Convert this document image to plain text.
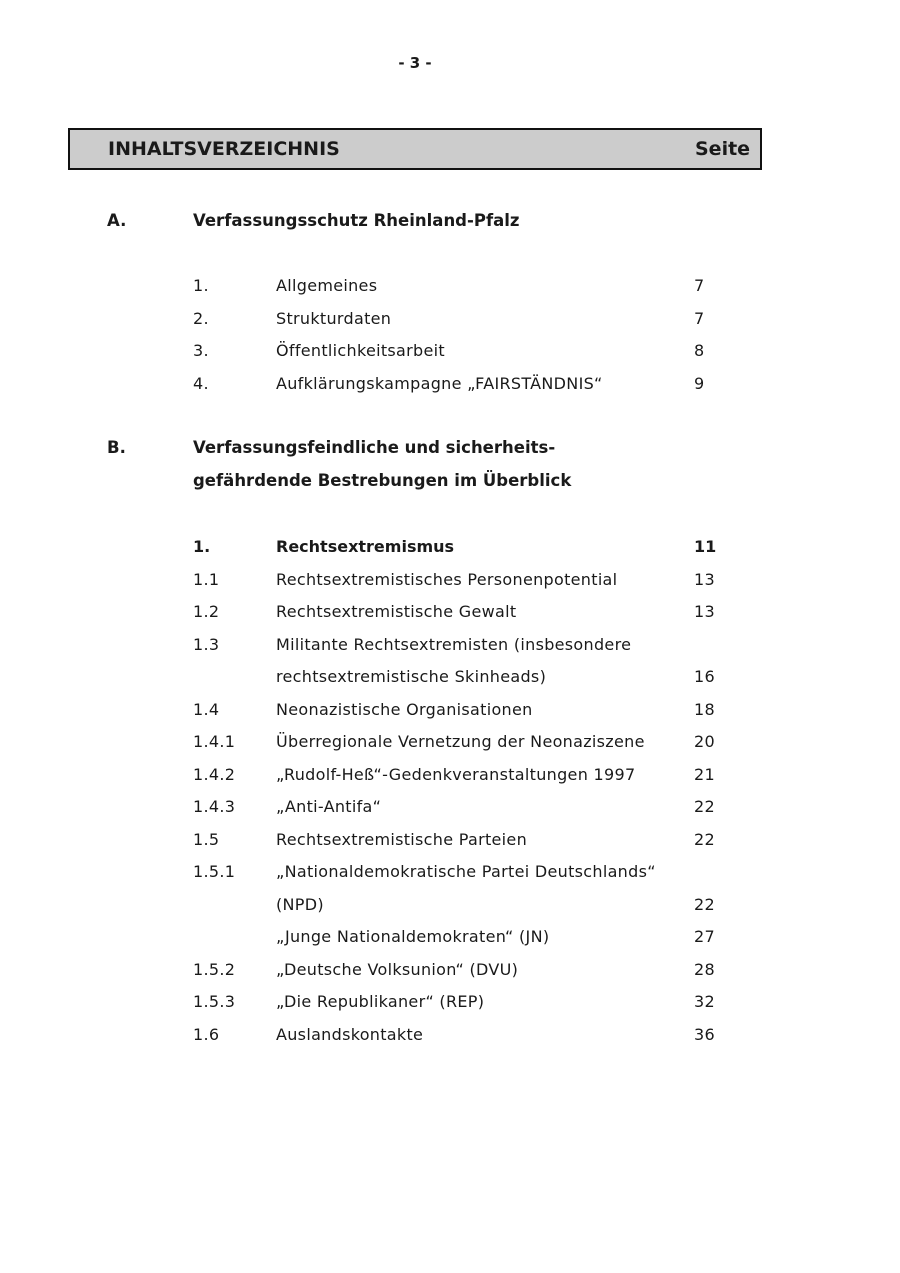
- 3 -
INHALTSVERZEICHNIS	Seite
A.	Verfassungsschutz Rheinland-Pfalz
1.	Allgemeines	7
2.	Strukturdaten	7
3.	Öffentlichkeitsarbeit	8
4.	Aufklärungskampagne „FAIRSTÄNDNIS“	9
B.	Verfassungsfeindliche und sicherheits-
gefährdende Bestrebungen im Überblick
1.	Rechtsextremismus	11
1.1	Rechtsextremistisches Personenpotential	13
1.2	Rechtsextremistische Gewalt	13
1.3	Militante Rechtsextremisten (insbesondere
rechtsextremistische Skinheads)	16
1.4	Neonazistische Organisationen	18
1.4.1	Überregionale Vernetzung der Neonaziszene	20
1.4.2	„Rudolf-Heß“-Gedenkveranstaltungen 1997	21
1.4.3	„Anti-Antifa“	22
1.5	Rechtsextremistische Parteien	22
1.5.1	„Nationaldemokratische Partei Deutschlands“
(NPD)	22
„Junge Nationaldemokraten“ (JN)	27
1.5.2	„Deutsche Volksunion“ (DVU)	28
1.5.3	„Die Republikaner“ (REP)	32
1.6	Auslandskontakte	36
